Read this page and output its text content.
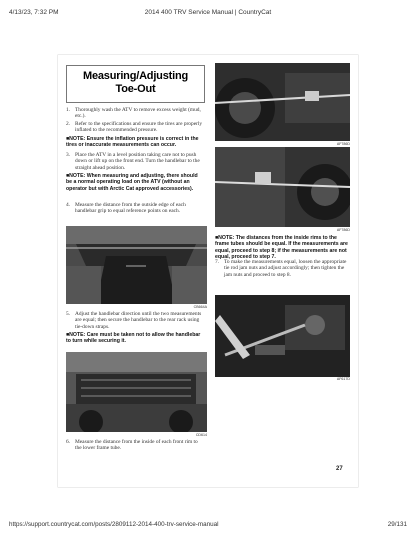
4/13/23, 7:32 PM	2014 400 TRV Service Manual | CountryCat
Measuring/Adjusting
Toe-Out
1. Thoroughly wash the ATV to remove excess weight (mud, etc.).
2. Refer to the specifications and ensure the tires are properly inflated to the recommended pressure.
■NOTE: Ensure the inflation pressure is correct in the tires or inaccurate measurements can occur.
3. Place the ATV in a level position taking care not to push down or lift up on the front end. Turn the handlebar to the straight ahead position.
■NOTE: When measuring and adjusting, there should be a normal operating load on the ATV (without an operator but with Arctic Cat approved accessories).
4. Measure the distance from the outside edge of each handlebar grip to equal reference points on each.
CB664A
5. Adjust the handlebar direction until the two measurements are equal; then secure the handlebar to the rear rack using tie-down straps.
■NOTE: Care must be taken not to allow the handlebar to turn while securing it.
CD614
6. Measure the distance from the inside of each front rim to the lower frame tube.
AF786D
AF786D
■NOTE: The distances from the inside rims to the frame tubes should be equal. If the measurements are equal, proceed to step 8; if the measurements are not equal, proceed to step 7.
7. To make the measurements equal, loosen the appropriate tie rod jam nuts and adjust accordingly; then tighten the jam nuts and proceed to step 8.
AF617D
27
https://support.countrycat.com/posts/2809112-2014-400-trv-service-manual	29/131
